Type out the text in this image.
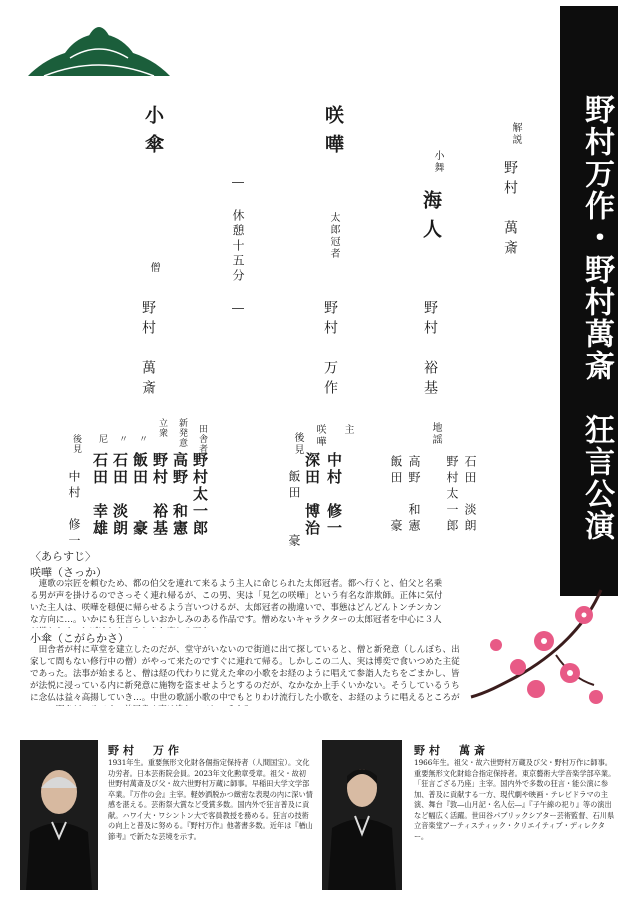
野村万作・野村萬斎　狂言公演
解説
野村　萬斎
小舞
海人
野村　裕基
地謡
石田　淡朗
野村太一郎
高野　和憲
飯田　　豪
咲嘩
太郎冠者
野村　万作
主
中村　修一
咲嘩
深田　博治
後見
飯田　　豪
― 休憩十五分 ―
小傘
僧
野村　萬斎
田舎者
野村太一郎
新発意
高野　和憲
立衆
野村　裕基
〃
飯田　　豪
〃
石田　淡朗
尼
石田　幸雄
後見
中村　修一
〈あらすじ〉
咲嘩（さっか）
連歌の宗匠を頼むため、都の伯父を連れて来るよう主人に命じられた太郎冠者。都へ行くと、伯父と名乗る男が声を掛けるのでさっそく連れ帰るが、この男、実は「見乞の咲嘩」という有名な詐欺師。正体に気付いた主人は、咲嘩を穏便に帰らせるよう言いつけるが、太郎冠者の勘違いで、事態はどんどんトンチンカンな方向に…。いかにも狂言らしいおかしみのある作品です。憎めないキャラクターの太郎冠者を中心に３人
小傘（こがらかさ）
田舎者が村に草堂を建立したのだが、堂守がいないので街道に出て探していると、僧と新発意（しんぼち、出家して間もない修行中の僧）がやって来たのですぐに連れて帰る。しかしこの二人、実は博奕で食いつめた主従であった。法事が始まると、僧は経の代わりに覚えた傘の小歌をお経のように唱えて参詣人たちをごまかし、皆が法悦に浸っている内に新発意に施物を盗ませようとするのだが、なかなか上手くいかない。そうしているうちに念仏は益々高揚していき…。中世の歌謡小歌の中でもとりわけ流行した小歌を、お経のように唱えるところが
野村　万作
1931年生。重要無形文化財各個指定保持者（人間国宝）。文化功労者。日本芸術院会員。2023年文化勲章受章。祖父・故初世野村萬斎及び父・故六世野村万蔵に師事。早稲田大学文学部卒業。『万作の会』主宰。軽妙洒脱かつ緻密な表現の内に深い情感を湛える。芸術祭大賞など受賞多数。国内外で狂言普及に貢献。ハワイ大・ワシントン大で客員教授を務める。狂言の技術の向上と普及に努める。『野村万作』他著書多数。近年は『楢山節考』で新たな芸境を示す。
野村　萬斎
1966年生。祖父・故六世野村万蔵及び父・野村万作に師事。重要無形文化財総合指定保持者。東京藝術大学音楽学部卒業。「狂言ござる乃座」主宰。国内外で多数の狂言・能公演に参加、普及に貢献する一方、現代劇や映画・テレビドラマの主演、舞台『敦―山月記・名人伝―』『子午線の祀り』等の演出など幅広く活躍。世田谷パブリックシアター芸術監督、石川県立音楽堂アーティスティック・クリエイティブ・ディレクター。
